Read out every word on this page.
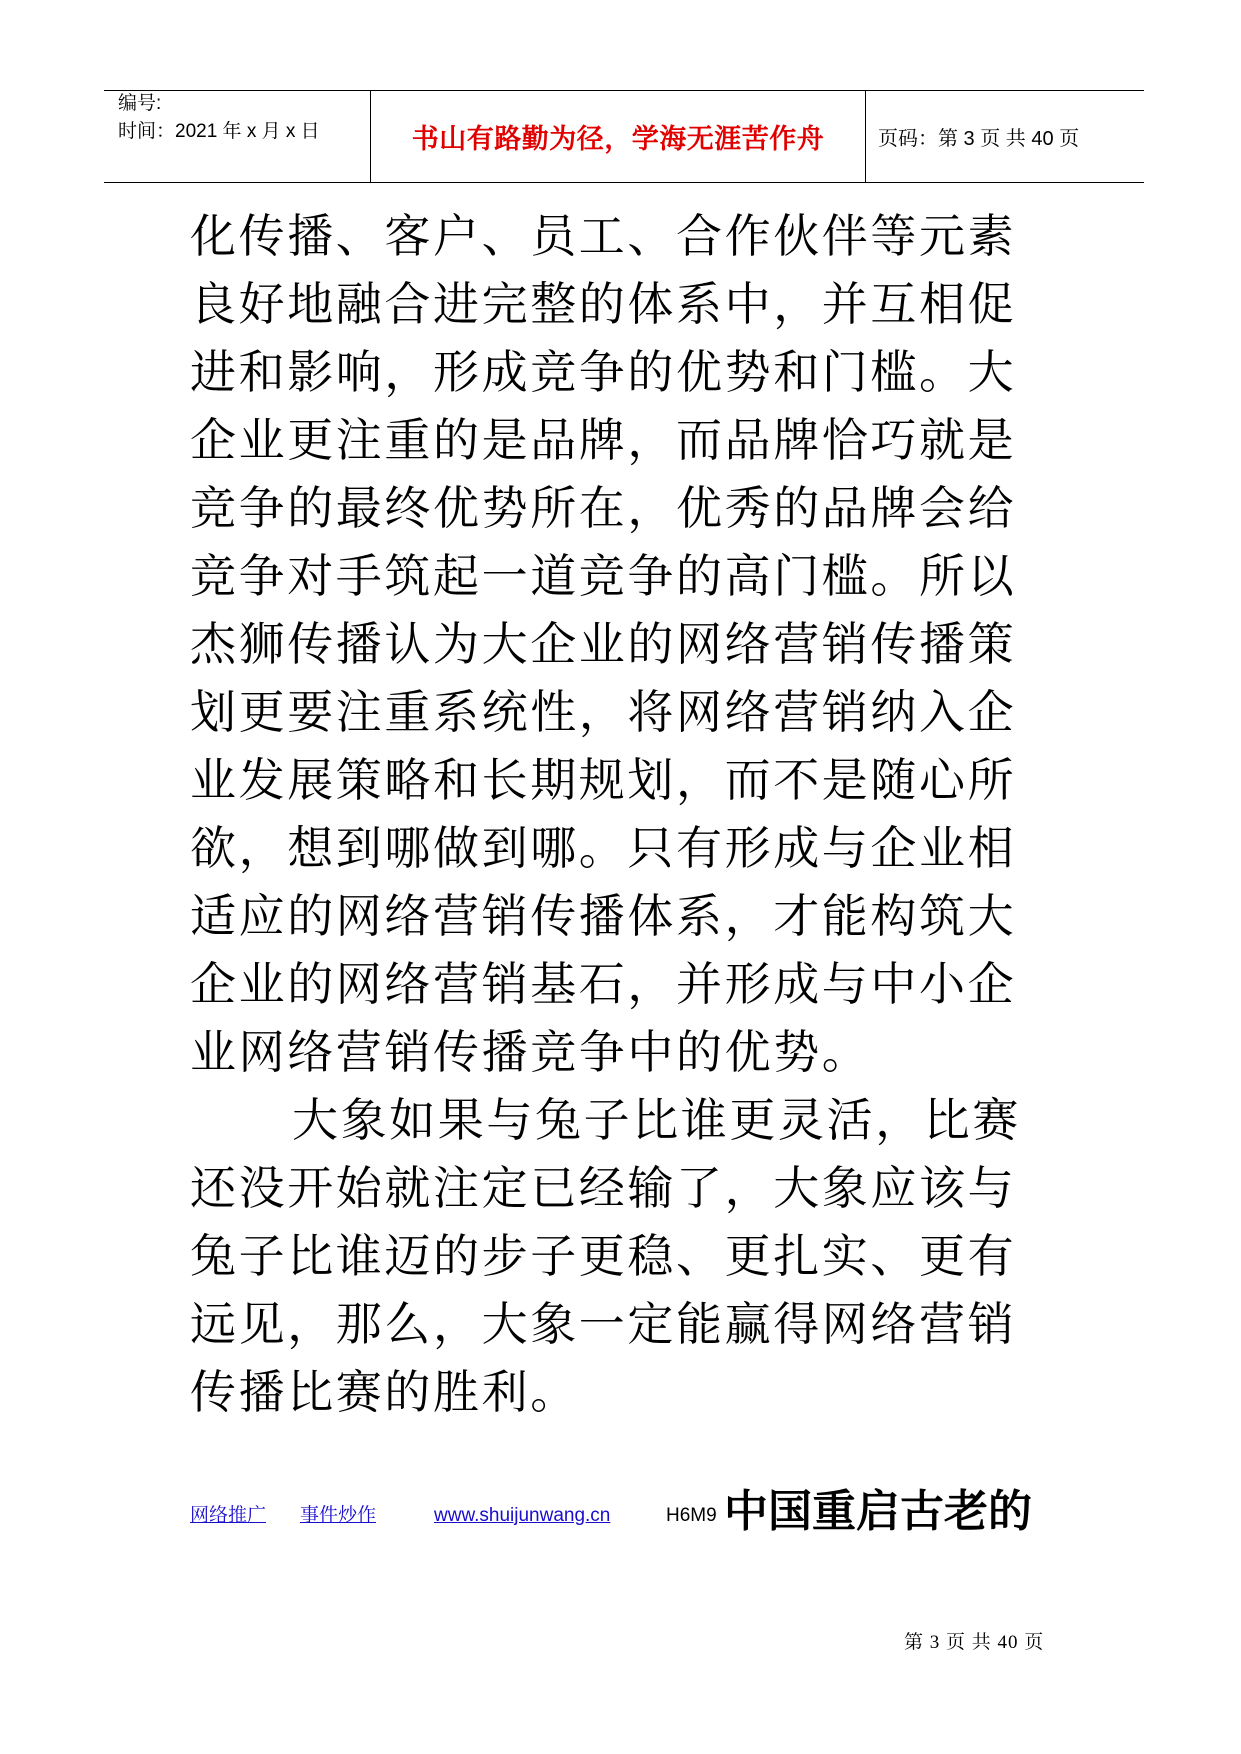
编号:
时间：2021 年 x 月 x 日	书山有路勤为径，学海无涯苦作舟	页码：第 3 页 共 40 页
化传播、客户、员工、合作伙伴等元素
良好地融合进完整的体系中，并互相促
进和影响，形成竞争的优势和门槛。大
企业更注重的是品牌，而品牌恰巧就是
竞争的最终优势所在，优秀的品牌会给
竞争对手筑起一道竞争的高门槛。所以
杰狮传播认为大企业的网络营销传播策
划更要注重系统性，将网络营销纳入企
业发展策略和长期规划，而不是随心所
欲，想到哪做到哪。只有形成与企业相
适应的网络营销传播体系，才能构筑大
企业的网络营销基石，并形成与中小企
业网络营销传播竞争中的优势。
大象如果与兔子比谁更灵活，比赛
还没开始就注定已经输了，大象应该与
兔子比谁迈的步子更稳、更扎实、更有
远见，那么，大象一定能赢得网络营销
传播比赛的胜利。
网络推广 事件炒作	www.shuijunwang.cn	H6M9 中国重启古老的
第 3 页 共 40 页
